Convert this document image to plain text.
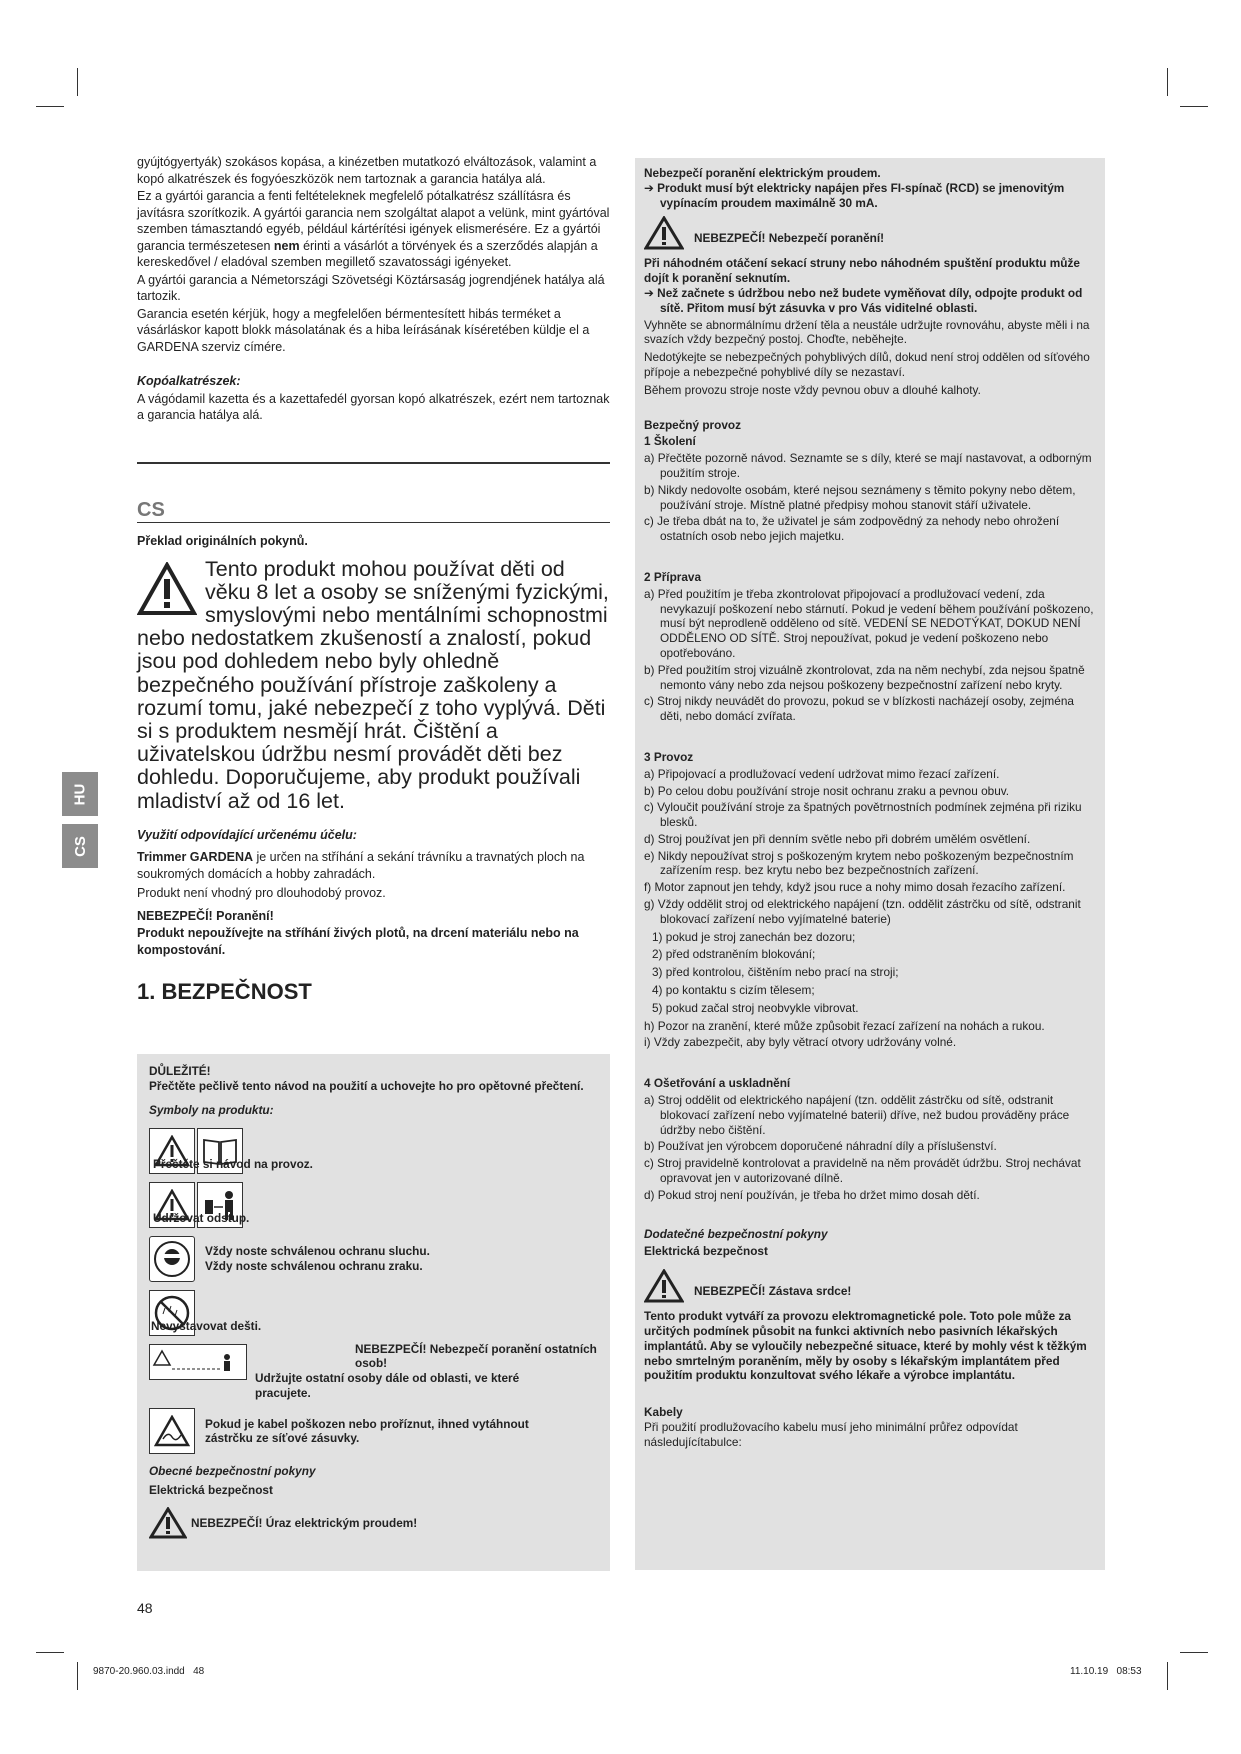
HU
CS

gyújtógyertyák) szokásos kopása, a kinézetben mutatkozó elváltozások, valamint a kopó alkatrészek és fogyóeszközök nem tartoznak a garancia hatálya alá.

Ez a gyártói garancia a fenti feltételeknek megfelelő pótalkatrész szállításra és javításra szorítkozik. A gyártói garancia nem szolgáltat alapot a velünk, mint gyártóval szemben támasztandó egyéb, például kártérítési igények elismerésére. Ez a gyártói garancia természetesen nem érinti a vásárlót a törvények és a szerződés alapján a kereskedővel / eladóval szemben megillető szavatossági igényeket.

A gyártói garancia a Németországi Szövetségi Köztársaság jogrendjének hatálya alá tartozik.

Garancia esetén kérjük, hogy a megfelelően bérmentesített hibás terméket a vásárláskor kapott blokk másolatának és a hiba leírásának kíséretében küldje el a GARDENA szerviz címére.

Kopóalkatrészek:

A vágódamil kazetta és a kazettafedél gyorsan kopó alkatrészek, ezért nem tartoznak a garancia hatálya alá.

CS

Překlad originálních pokynů.

Tento produkt mohou používat děti od věku 8 let a osoby se sníženými fyzickými, smyslovými nebo mentálními schopnostmi nebo nedostatkem zkušeností a znalostí, pokud jsou pod dohledem nebo byly ohledně bezpečného používání přístroje zaškoleny a rozumí tomu, jaké nebezpečí z toho vyplývá. Děti si s produktem nesmějí hrát. Čištění a uživatelskou údržbu nesmí provádět děti bez dohledu. Doporučujeme, aby produkt používali mladiství až od 16 let.

Využití odpovídající určenému účelu:

Trimmer GARDENA je určen na stříhání a sekání trávníku a travnatých ploch na soukromých domácích a hobby zahradách.

Produkt není vhodný pro dlouhodobý provoz.

NEBEZPEČÍ! Poranění!

Produkt nepoužívejte na stříhání živých plotů, na drcení materiálu nebo na kompostování.

1. BEZPEČNOST

DŮLEŽITÉ!

Přečtěte pečlivě tento návod na použití a uchovejte ho pro opětovné přečtení.

Symboly na produktu:

Přečtěte si návod na provoz.
Udržovat odstup.

Vždy noste schválenou ochranu sluchu.

Vždy noste schválenou ochranu zraku.

Nevystavovat dešti.

NEBEZPEČÍ! Nebezpečí poranění ostatních osob!

Udržujte ostatní osoby dále od oblasti, ve které pracujete.

Pokud je kabel poškozen nebo proříznut, ihned vytáhnout zástrčku ze síťové zásuvky.

Obecné bezpečnostní pokyny

Elektrická bezpečnost

NEBEZPEČÍ! Úraz elektrickým proudem!

Nebezpečí poranění elektrickým proudem.

➔ Produkt musí být elektricky napájen přes FI-spínač (RCD) se jmenovitým vypínacím proudem maximálně 30 mA.

NEBEZPEČÍ! Nebezpečí poranění!

Při náhodném otáčení sekací struny nebo náhodném spuštění produktu může dojít k poranění seknutím.

➔ Než začnete s údržbou nebo než budete vyměňovat díly, odpojte produkt od sítě. Přitom musí být zásuvka v pro Vás viditelné oblasti.

Vyhněte se abnormálnímu držení těla a neustále udržujte rovnováhu, abyste měli i na svazích vždy bezpečný postoj. Choďte, neběhejte.

Nedotýkejte se nebezpečných pohyblivých dílů, dokud není stroj oddělen od síťového přípoje a nebezpečné pohyblivé díly se nezastaví.

Během provozu stroje noste vždy pevnou obuv a dlouhé kalhoty.

Bezpečný provoz

1 Školení

a) Přečtěte pozorně návod. Seznamte se s díly, které se mají nastavovat, a odborným použitím stroje.

b) Nikdy nedovolte osobám, které nejsou seznámeny s těmito pokyny nebo dětem, používání stroje. Místně platné předpisy mohou stanovit stáří uživatele.

c) Je třeba dbát na to, že uživatel je sám zodpovědný za nehody nebo ohrožení ostatních osob nebo jejich majetku.

2 Příprava

a) Před použitím je třeba zkontrolovat připojovací a prodlužovací vedení, zda nevykazují poškození nebo stárnutí. Pokud je vedení během používání poškozeno, musí být neprodleně odděleno od sítě. VEDENÍ SE NEDOTÝKAT, DOKUD NENÍ ODDĚLENO OD SÍTĚ. Stroj nepoužívat, pokud je vedení poškozeno nebo opotřebováno.

b) Před použitím stroj vizuálně zkontrolovat, zda na něm nechybí, zda nejsou špatně nemonto vány nebo zda nejsou poškozeny bezpečnostní zařízení nebo kryty.

c) Stroj nikdy neuvádět do provozu, pokud se v blízkosti nacházejí osoby, zejména děti, nebo domácí zvířata.

3 Provoz

a) Připojovací a prodlužovací vedení udržovat mimo řezací zařízení.

b) Po celou dobu používání stroje nosit ochranu zraku a pevnou obuv.

c) Vyloučit používání stroje za špatných povětrnostních podmínek zejména při riziku blesků.

d) Stroj používat jen při denním světle nebo při dobrém umělém osvětlení.

e) Nikdy nepoužívat stroj s poškozeným krytem nebo poškozeným bezpečnostním zařízením resp. bez krytu nebo bez bezpečnostních zařízení.

f) Motor zapnout jen tehdy, když jsou ruce a nohy mimo dosah řezacího zařízení.

g) Vždy oddělit stroj od elektrického napájení (tzn. oddělit zástrčku od sítě, odstranit blokovací zařízení nebo vyjímatelné baterie)

1) pokud je stroj zanechán bez dozoru;

2) před odstraněním blokování;

3) před kontrolou, čištěním nebo prací na stroji;

4) po kontaktu s cizím tělesem;

5) pokud začal stroj neobvykle vibrovat.

h) Pozor na zranění, které může způsobit řezací zařízení na nohách a rukou.

i) Vždy zabezpečit, aby byly větrací otvory udržovány volné.

4 Ošetřování a uskladnění

a) Stroj oddělit od elektrického napájení (tzn. oddělit zástrčku od sítě, odstranit blokovací zařízení nebo vyjímatelné baterii) dříve, než budou prováděny práce údržby nebo čištění.

b) Používat jen výrobcem doporučené náhradní díly a příslušenství.

c) Stroj pravidelně kontrolovat a pravidelně na něm provádět údržbu. Stroj nechávat opravovat jen v autorizované dílně.

d) Pokud stroj není používán, je třeba ho držet mimo dosah dětí.

Dodatečné bezpečnostní pokyny

Elektrická bezpečnost

NEBEZPEČÍ! Zástava srdce!

Tento produkt vytváří za provozu elektromagnetické pole. Toto pole může za určitých podmínek působit na funkci aktivních nebo pasivních lékařských implantátů. Aby se vyloučily nebezpečné situace, které by mohly vést k těžkým nebo smrtelným poraněním, měly by osoby s lékařským implantátem před použitím produktu konzultovat svého lékaře a výrobce implantátu.

Kabely

Při použití prodlužovacího kabelu musí jeho minimální průřez odpovídat následujícítabulce:

48
9870-20.960.03.indd   48	11.10.19   08:53
